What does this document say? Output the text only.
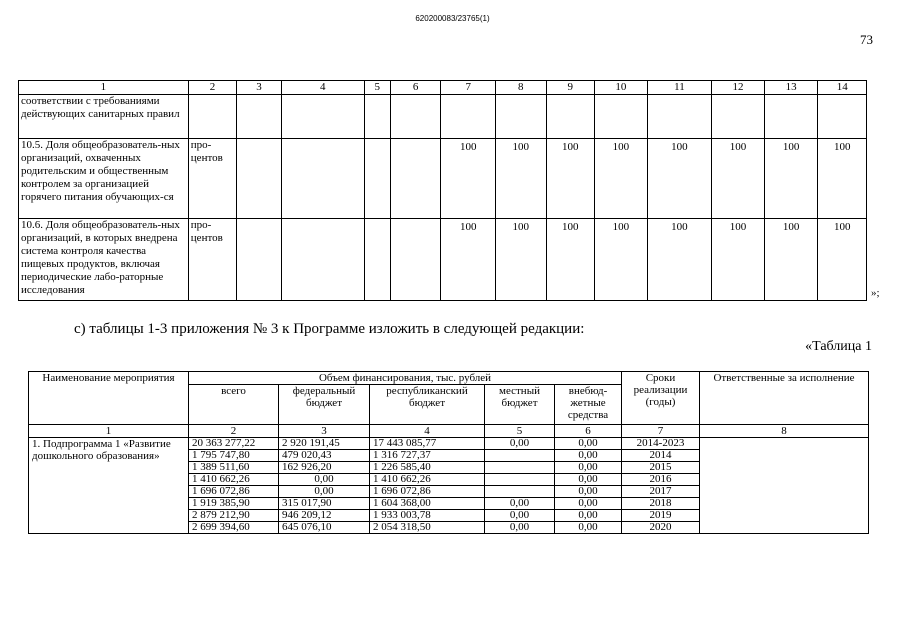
620200083/23765(1)
73
1	2	3	4	5	6	7	8	9	10	11	12	13	14
соответствии с требованиями действующих санитарных правил													
10.5. Доля общеобразователь-ных организаций, охваченных родительским и общественным контролем за организацией горячего питания обучающих-ся	про-центов					100	100	100	100	100	100	100	100
10.6. Доля общеобразователь-ных организаций, в которых внедрена система контроля качества пищевых продуктов, включая периодические лабо-раторные исследования	про-центов					100	100	100	100	100	100	100	100
»;
с) таблицы 1-3 приложения № 3 к Программе изложить в следующей редакции:
«Таблица 1
Наименование мероприятия	Объем финансирования, тыс. рублей					Сроки реализации (годы)	Ответственные за исполнение
	всего	федеральный бюджет	республиканский бюджет	местный бюджет	внебюд-жетные средства		
1	2	3	4	5	6	7	8
1. Подпрограмма 1 «Развитие дошкольного образования»	20 363 277,22	2 920 191,45	17 443 085,77	0,00	0,00	2014-2023	
	1 795 747,80	479 020,43	1 316 727,37		0,00	2014	
	1 389 511,60	162 926,20	1 226 585,40		0,00	2015	
	1 410 662,26	0,00	1 410 662,26		0,00	2016	
	1 696 072,86	0,00	1 696 072,86		0,00	2017	
	1 919 385,90	315 017,90	1 604 368,00	0,00	0,00	2018	
	2 879 212,90	946 209,12	1 933 003,78	0,00	0,00	2019	
	2 699 394,60	645 076,10	2 054 318,50	0,00	0,00	2020	
